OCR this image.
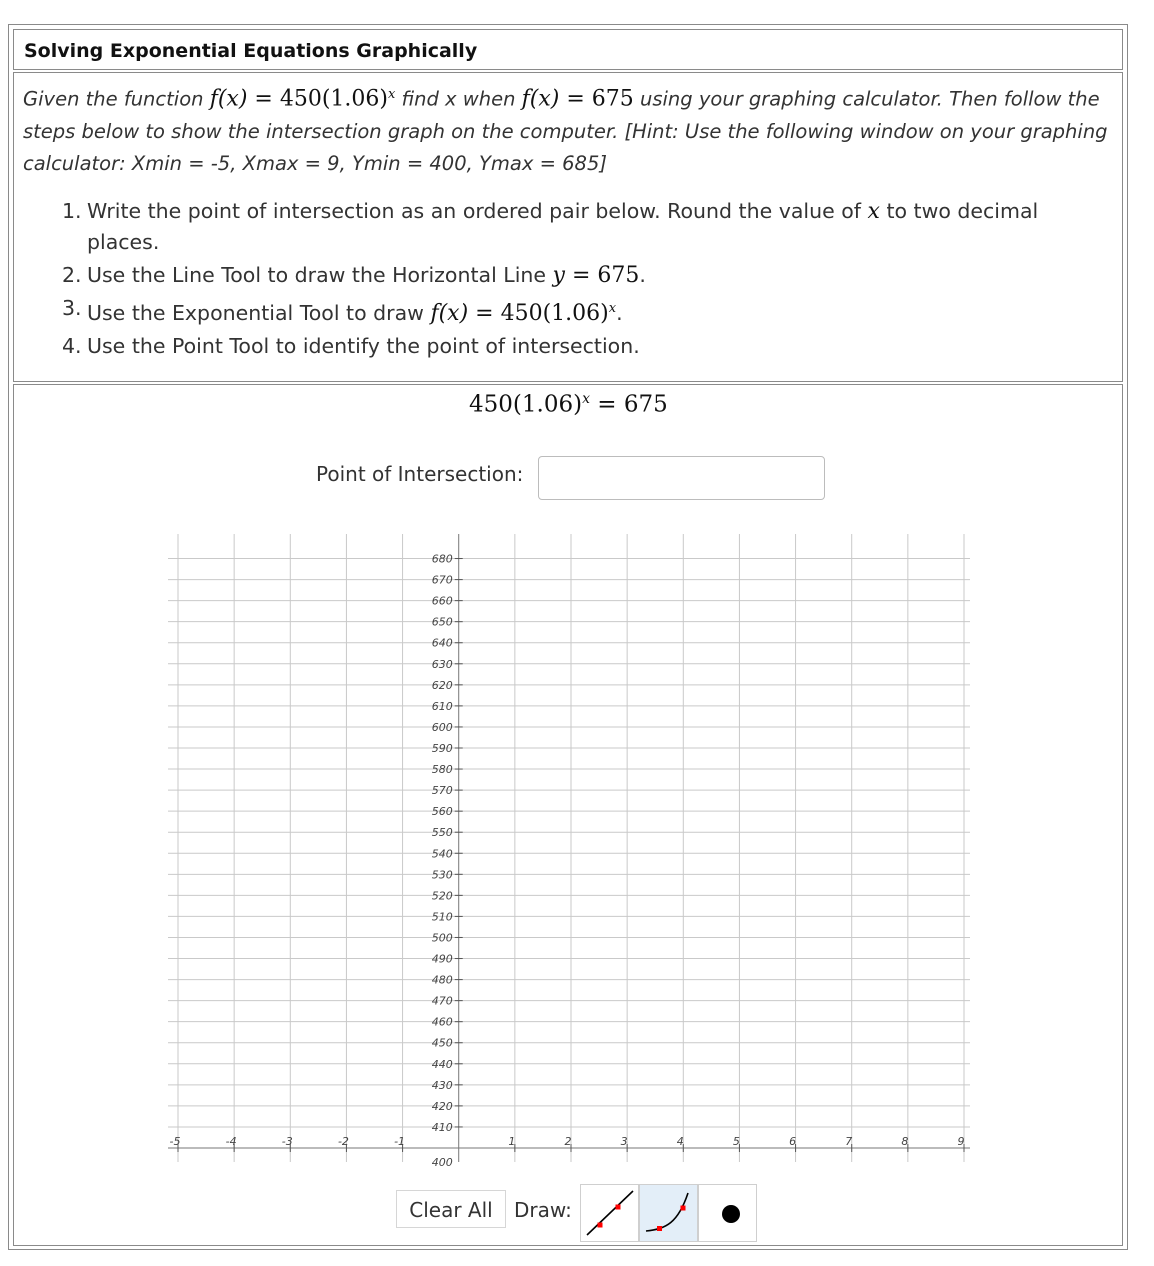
Solving Exponential Equations Graphically
Given the function $f(x) = 450(1.06)^x$ find x when f(x) = 675 using your graphing calculator. Then follow the steps below to show the intersection graph on the computer. [Hint: Use the following window on your graphing calculator: Xmin = -5, Xmax = 9, Ymin = 400, Ymax = 685]
1. Write the point of intersection as an ordered pair below. Round the value of x to two decimal places.
2. Use the Line Tool to draw the Horizontal Line y = 675.
3. Use the Exponential Tool to draw $f(x) = 450(1.06)^x$.
4. Use the Point Tool to identify the point of intersection.
$450(1.06)^x = 675$
Point of Intersection:
410
420
430
440
450
460
470
480
490
500
510
520
530
540
550
560
570
580
590
600
610
620
630
640
650
660
670
680
400
-5	-4	-3	-2	-1	1	2	3	4	5	6	7	8	9
Clear All	Draw:
